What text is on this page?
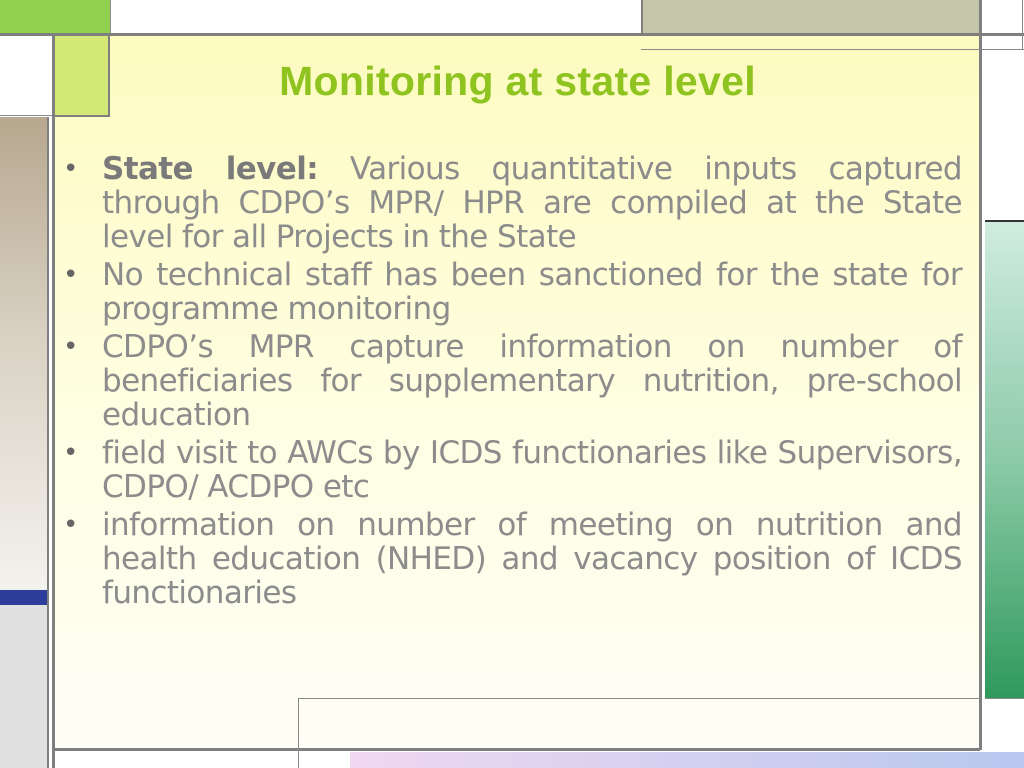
Monitoring at state level
• State level: Various quantitative inputs captured through CDPO’s MPR/ HPR are compiled at the State level for all Projects in the State
• No technical staff has been sanctioned for the state for programme monitoring
• CDPO’s MPR capture information on number of beneficiaries for supplementary nutrition, pre-school education
• field visit to AWCs by ICDS functionaries like Supervisors, CDPO/ ACDPO etc
• information on number of meeting on nutrition and health education (NHED) and vacancy position of ICDS functionaries
